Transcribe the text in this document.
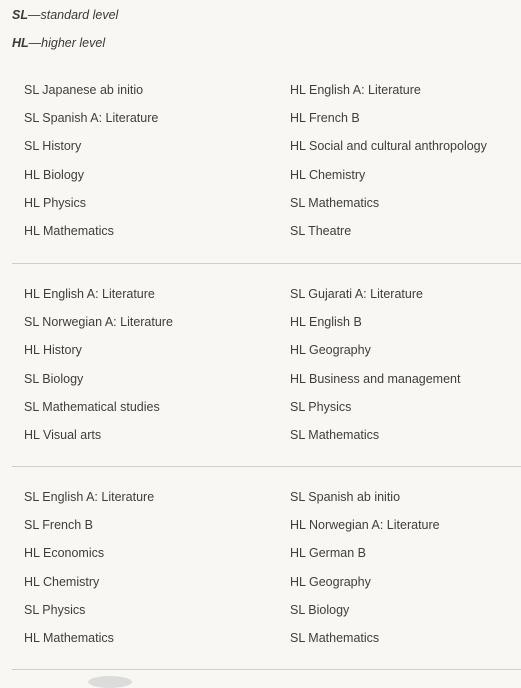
SL—standard level
HL—higher level
SL Japanese ab initio
SL Spanish A: Literature
SL History
HL Biology
HL Physics
HL Mathematics
HL English A: Literature
HL French B
HL Social and cultural anthropology
HL Chemistry
SL Mathematics
SL Theatre
HL English A: Literature
SL Norwegian A: Literature
HL History
SL Biology
SL Mathematical studies
HL Visual arts
SL Gujarati A: Literature
HL English B
HL Geography
HL Business and management
SL Physics
SL Mathematics
SL English A: Literature
SL French B
HL Economics
HL Chemistry
SL Physics
HL Mathematics
SL Spanish ab initio
HL Norwegian A: Literature
HL German B
HL Geography
SL Biology
SL Mathematics
